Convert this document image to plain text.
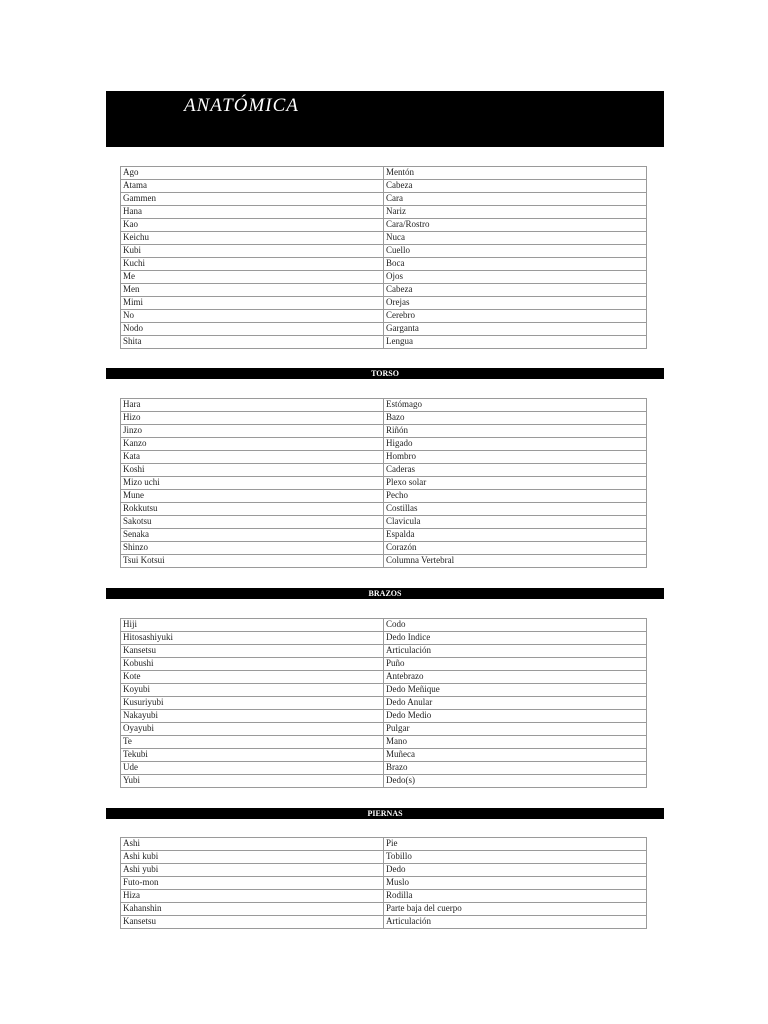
ANATÓMICA
Ago	Mentón
Atama	Cabeza
Gammen	Cara
Hana	Nariz
Kao	Cara/Rostro
Keichu	Nuca
Kubi	Cuello
Kuchi	Boca
Me	Ojos
Men	Cabeza
Mimi	Orejas
No	Cerebro
Nodo	Garganta
Shita	Lengua
TORSO
Hara	Estómago
Hizo	Bazo
Jinzo	Riñón
Kanzo	Higado
Kata	Hombro
Koshi	Caderas
Mizo uchi	Plexo solar
Mune	Pecho
Rokkutsu	Costillas
Sakotsu	Clavicula
Senaka	Espalda
Shinzo	Corazón
Tsui Kotsui	Columna Vertebral
BRAZOS
Hiji	Codo
Hitosashiyuki	Dedo Indice
Kansetsu	Articulación
Kobushi	Puño
Kote	Antebrazo
Koyubi	Dedo Meñique
Kusuriyubi	Dedo Anular
Nakayubi	Dedo Medio
Oyayubi	Pulgar
Te	Mano
Tekubi	Muñeca
Ude	Brazo
Yubi	Dedo(s)
PIERNAS
Ashi	Pie
Ashi kubi	Tobillo
Ashi yubi	Dedo
Futo-mon	Muslo
Hiza	Rodilla
Kahanshin	Parte baja del cuerpo
Kansetsu	Articulación
